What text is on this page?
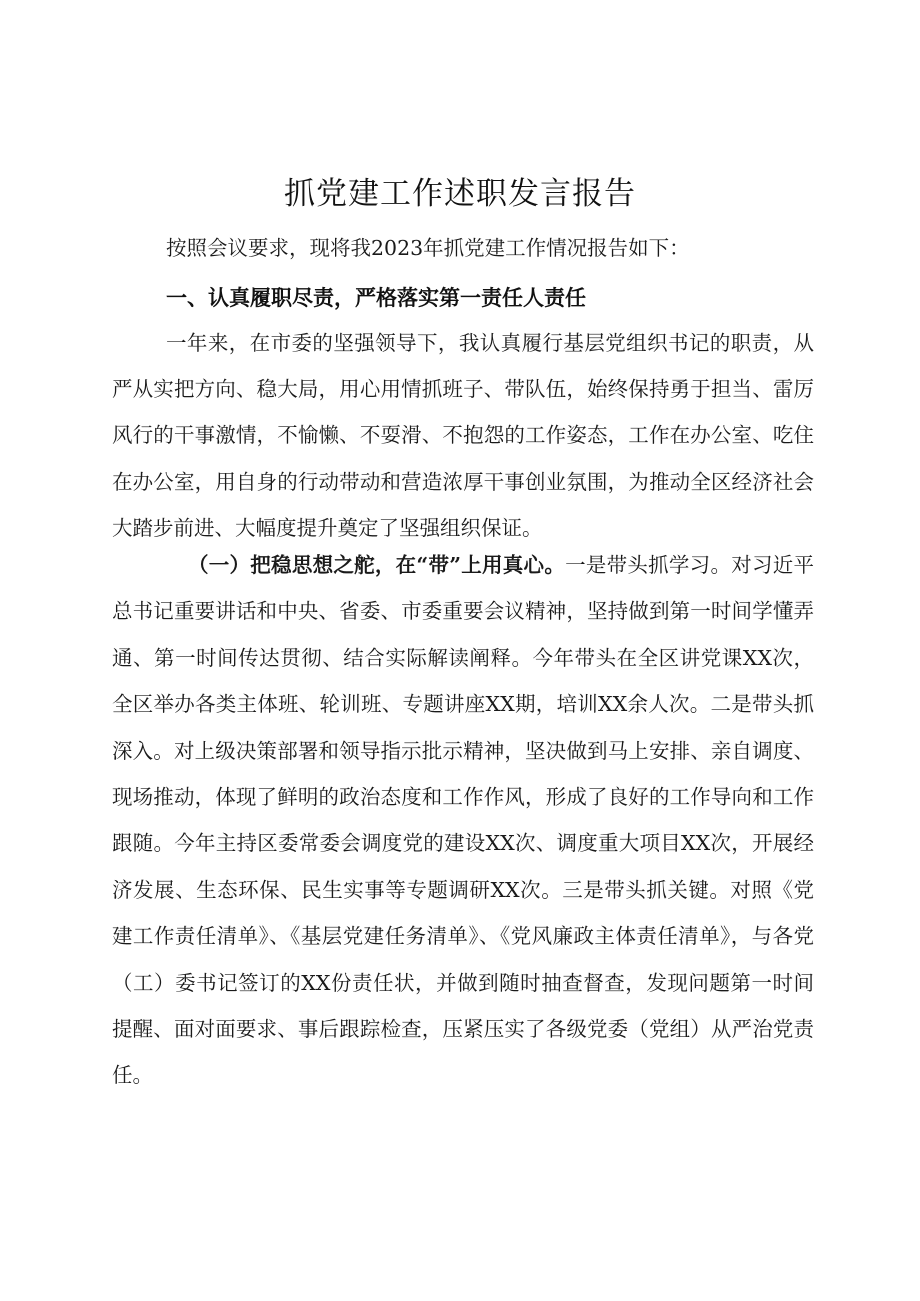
抓党建工作述职发言报告

按照会议要求，现将我2023年抓党建工作情况报告如下：

一、认真履职尽责，严格落实第一责任人责任

一年来，在市委的坚强领导下，我认真履行基层党组织书记的职责，从严从实把方向、稳大局，用心用情抓班子、带队伍，始终保持勇于担当、雷厉风行的干事激情，不愉懒、不耍滑、不抱怨的工作姿态，工作在办公室、吃住在办公室，用自身的行动带动和营造浓厚干事创业氛围，为推动全区经济社会大踏步前进、大幅度提升奠定了坚强组织保证。

（一）把稳思想之舵，在“带”上用真心。一是带头抓学习。对习近平总书记重要讲话和中央、省委、市委重要会议精神，坚持做到第一时间学懂弄通、第一时间传达贯彻、结合实际解读阐释。今年带头在全区讲党课XX次，全区举办各类主体班、轮训班、专题讲座XX期，培训XX余人次。二是带头抓深入。对上级决策部署和领导指示批示精神，坚决做到马上安排、亲自调度、现场推动，体现了鲜明的政治态度和工作作风，形成了良好的工作导向和工作跟随。今年主持区委常委会调度党的建设XX次、调度重大项目XX次，开展经济发展、生态环保、民生实事等专题调研XX次。三是带头抓关键。对照《党建工作责任清单》、《基层党建任务清单》、《党风廉政主体责任清单》，与各党（工）委书记签订的XX份责任状，并做到随时抽查督查，发现问题第一时间提醒、面对面要求、事后跟踪检查，压紧压实了各级党委（党组）从严治党责任。
